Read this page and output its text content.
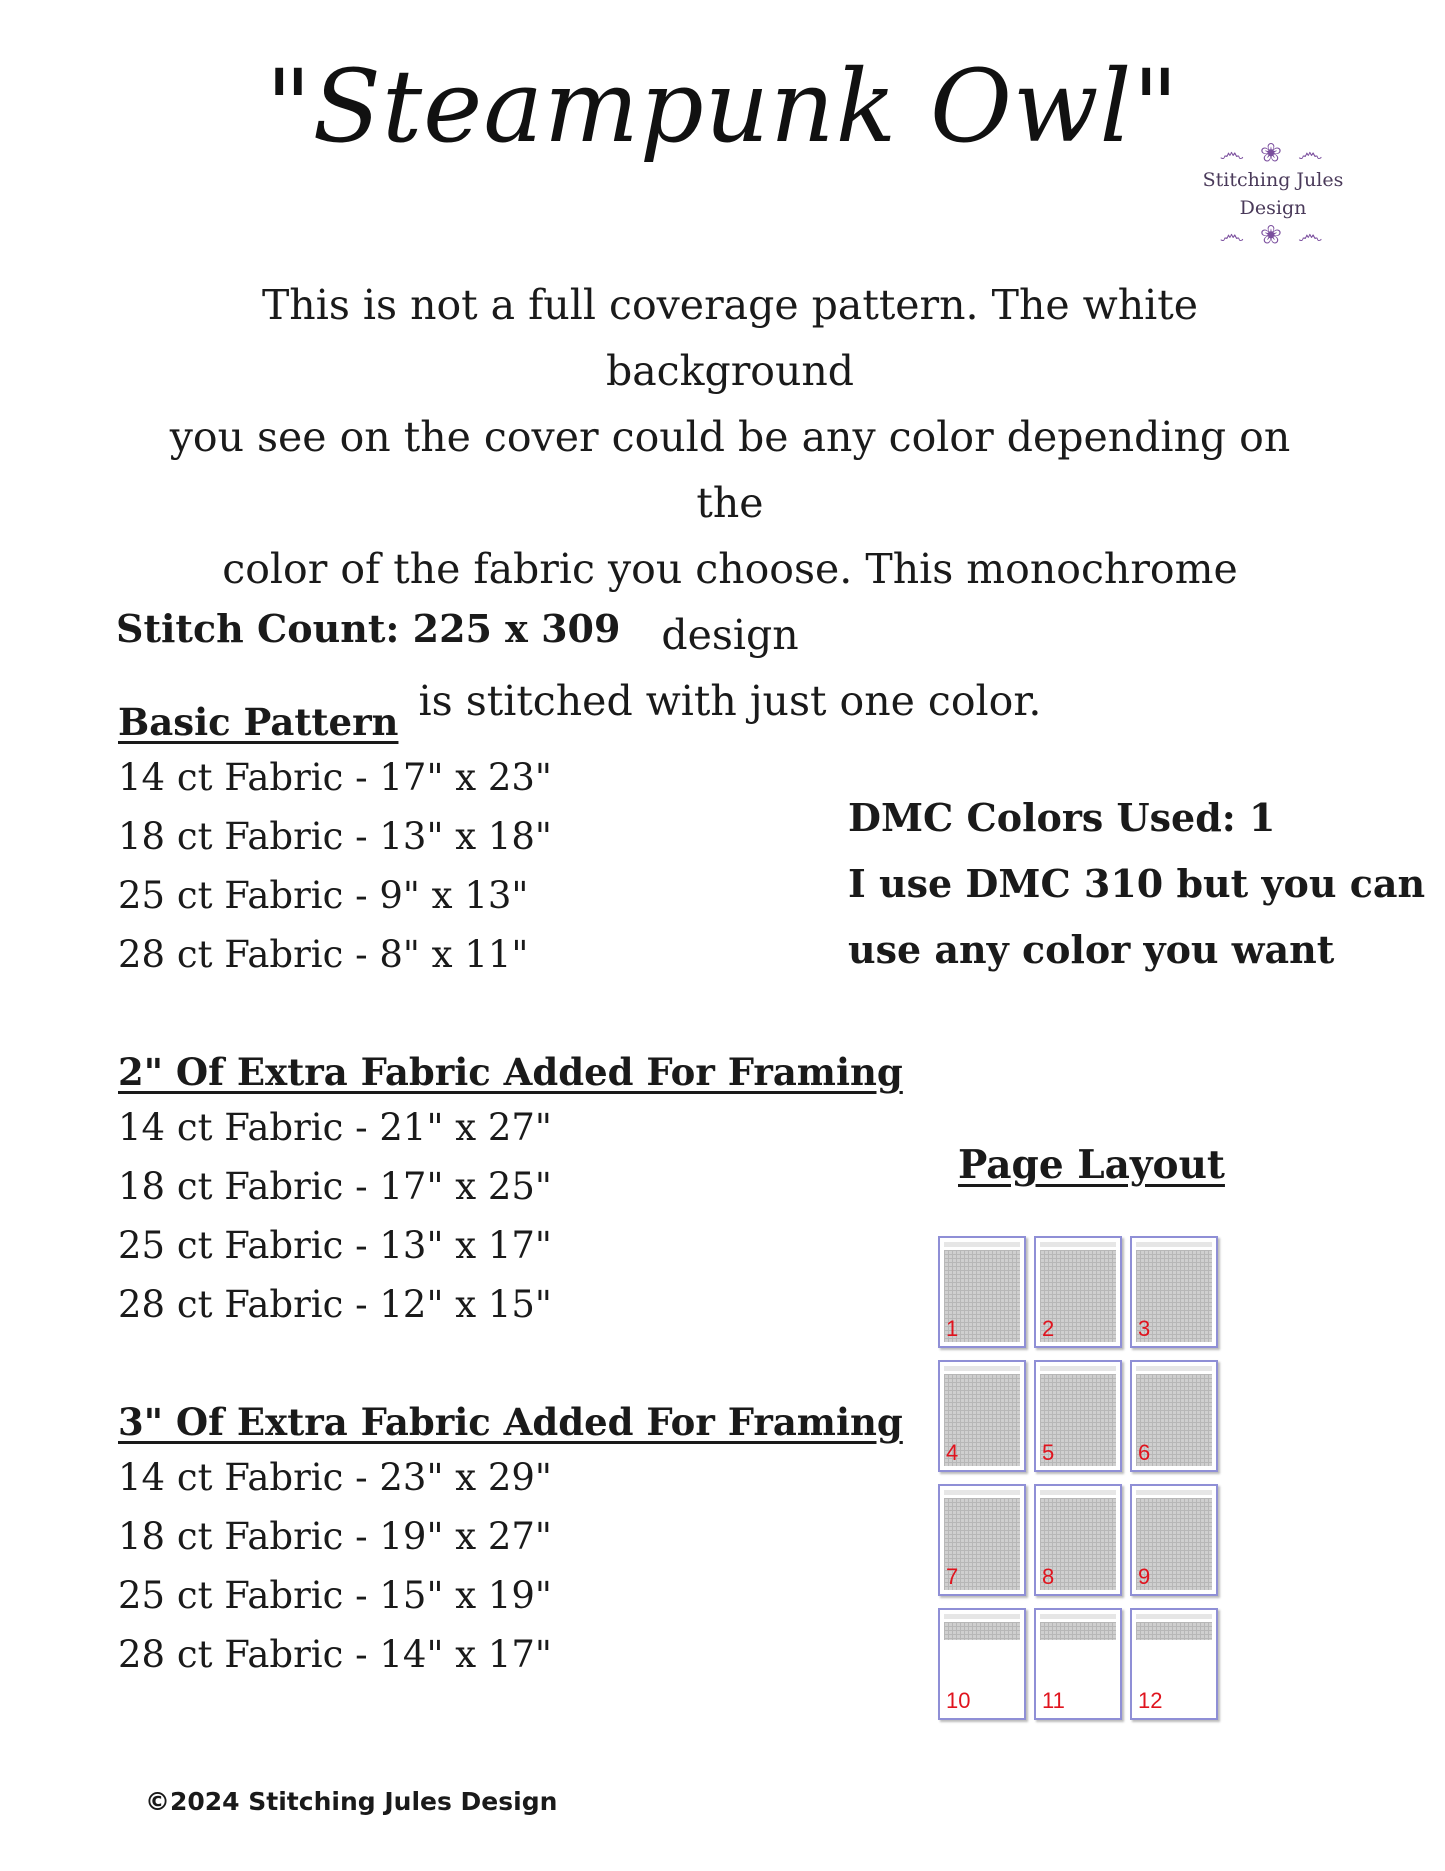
"Steampunk Owl"	෴ ❀ ෴
Stitching Jules Design
෴ ❀ ෴
This is not a full coverage pattern. The white background
you see on the cover could be any color depending on the
color of the fabric you choose. This monochrome design
is stitched with just one color.
Stitch Count: 225 x 309
Basic Pattern
14 ct Fabric - 17" x 23"
18 ct Fabric - 13" x 18"
25 ct Fabric - 9" x 13"
28 ct Fabric - 8" x 11"
2" Of Extra Fabric Added For Framing
14 ct Fabric - 21" x 27"
18 ct Fabric - 17" x 25"
25 ct Fabric - 13" x 17"
28 ct Fabric - 12" x 15"
3" Of Extra Fabric Added For Framing
14 ct Fabric - 23" x 29"
18 ct Fabric - 19" x 27"
25 ct Fabric - 15" x 19"
28 ct Fabric - 14" x 17"
DMC Colors Used: 1
I use DMC 310 but you can
use any color you want
Page Layout
1	2	3
4	5	6
7	8	9
10	11	12
©2024 Stitching Jules Design
